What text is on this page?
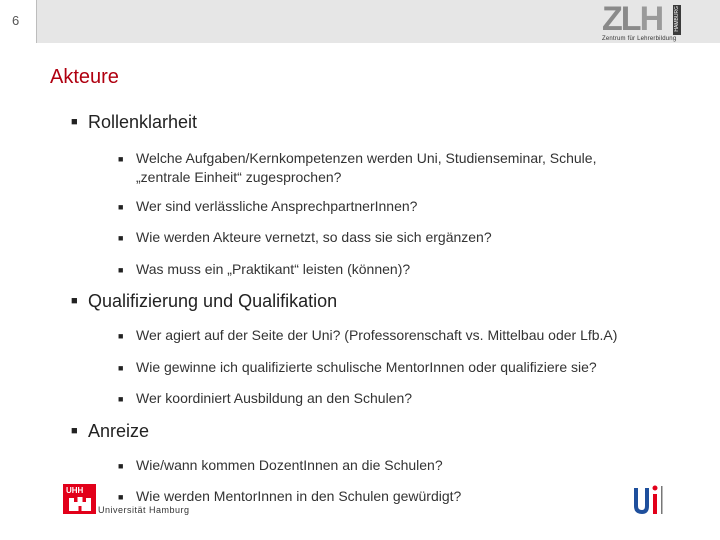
6	ZLH HAMBURG
Zentrum für Lehrerbildung
Akteure
■ Rollenklarheit
■ Welche Aufgaben/Kernkompetenzen werden Uni, Studienseminar, Schule,
„zentrale Einheit“ zugesprochen?
■ Wer sind verlässliche AnsprechpartnerInnen?
■ Wie werden Akteure vernetzt, so dass sie sich ergänzen?
■ Was muss ein „Praktikant“ leisten (können)?
■ Qualifizierung und Qualifikation
■ Wer agiert auf der Seite der Uni? (Professorenschaft vs. Mittelbau oder Lfb.A)
■ Wie gewinne ich qualifizierte schulische MentorInnen oder qualifiziere sie?
■ Wer koordiniert Ausbildung an den Schulen?
■ Anreize
■ Wie/wann kommen DozentInnen an die Schulen?
■ Wie werden MentorInnen in den Schulen gewürdigt?
UHH
Universität Hamburg
